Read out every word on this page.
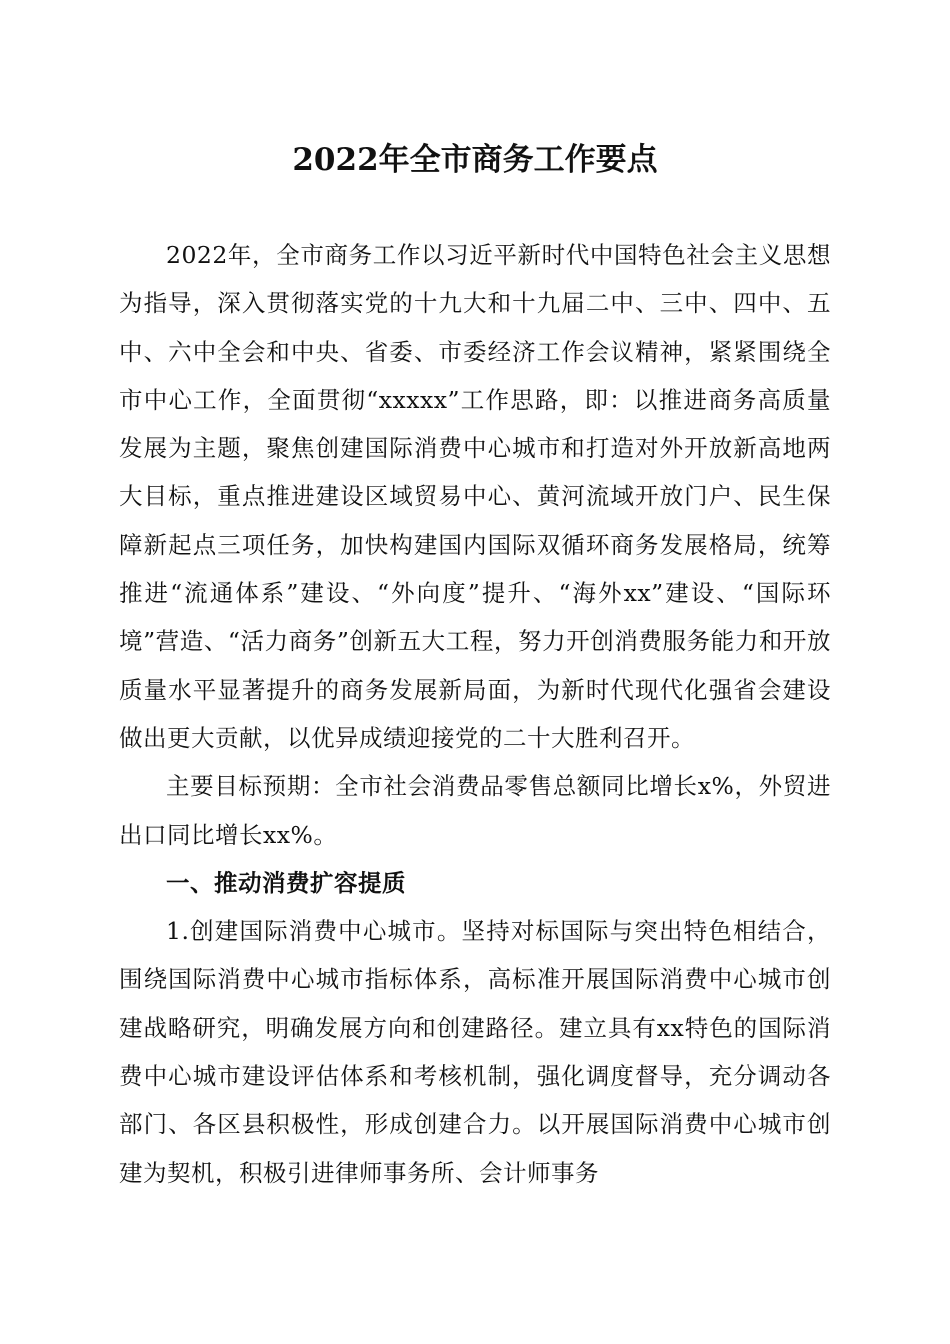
2022年全市商务工作要点

2022年，全市商务工作以习近平新时代中国特色社会主义思想为指导，深入贯彻落实党的十九大和十九届二中、三中、四中、五中、六中全会和中央、省委、市委经济工作会议精神，紧紧围绕全市中心工作，全面贯彻“xxxxx”工作思路，即：以推进商务高质量发展为主题，聚焦创建国际消费中心城市和打造对外开放新高地两大目标，重点推进建设区域贸易中心、黄河流域开放门户、民生保障新起点三项任务，加快构建国内国际双循环商务发展格局，统筹推进“流通体系”建设、“外向度”提升、“海外xx”建设、“国际环境”营造、“活力商务”创新五大工程，努力开创消费服务能力和开放质量水平显著提升的商务发展新局面，为新时代现代化强省会建设做出更大贡献，以优异成绩迎接党的二十大胜利召开。

主要目标预期：全市社会消费品零售总额同比增长x%，外贸进出口同比增长xx%。

一、推动消费扩容提质

1.创建国际消费中心城市。坚持对标国际与突出特色相结合，围绕国际消费中心城市指标体系，高标准开展国际消费中心城市创建战略研究，明确发展方向和创建路径。建立具有xx特色的国际消费中心城市建设评估体系和考核机制，强化调度督导，充分调动各部门、各区县积极性，形成创建合力。以开展国际消费中心城市创建为契机，积极引进律师事务所、会计师事务
